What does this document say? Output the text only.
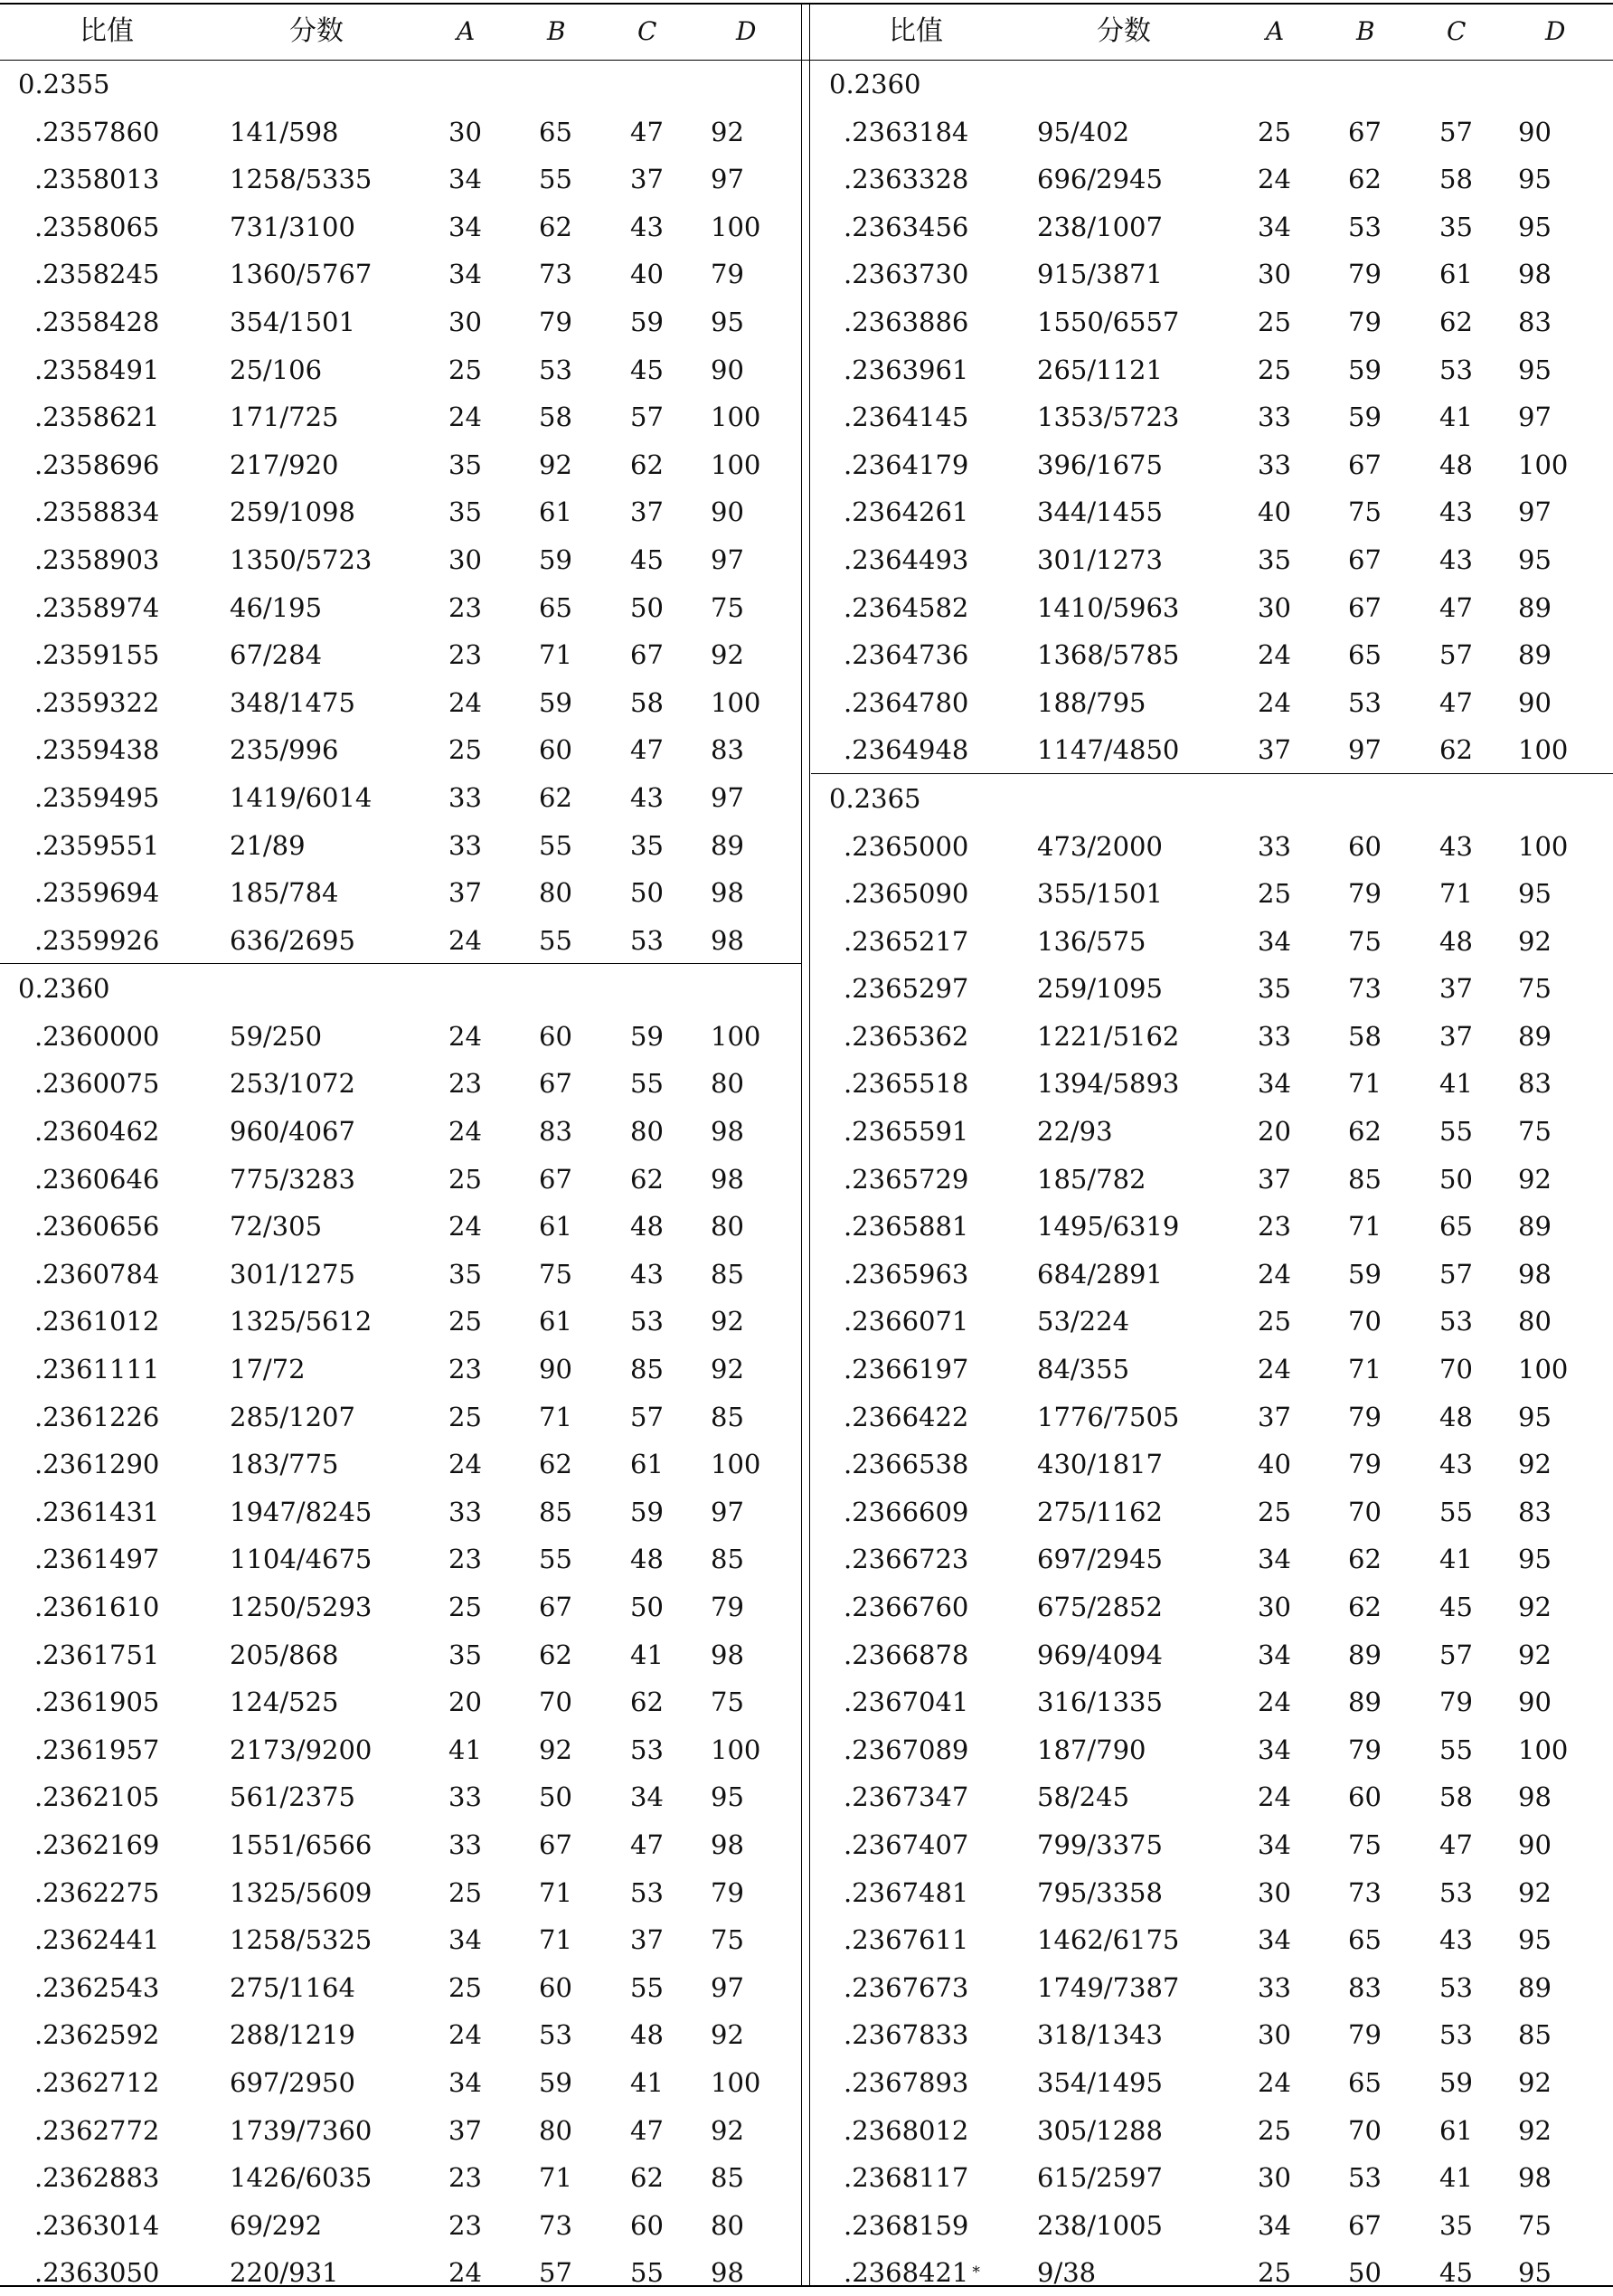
比值	分数	A	B	C	D
0.2355
.2357860	141/598	30 65 47 92
.2358013	1258/5335	34 55 37 97
.2358065	731/3100	34 62 43 100
.2358245	1360/5767	34 73 40 79
.2358428	354/1501	30 79 59 95
.2358491	25/106	25 53 45 90
.2358621	171/725	24 58 57 100
.2358696	217/920	35 92 62 100
.2358834	259/1098	35 61 37 90
.2358903	1350/5723	30 59 45 97
.2358974	46/195	23 65 50 75
.2359155	67/284	23 71 67 92
.2359322	348/1475	24 59 58 100
.2359438	235/996	25 60 47 83
.2359495	1419/6014	33 62 43 97
.2359551	21/89	33 55 35 89
.2359694	185/784	37 80 50 98
.2359926	636/2695	24 55 53 98
0.2360
.2360000	59/250	24 60 59 100
.2360075	253/1072	23 67 55 80
.2360462	960/4067	24 83 80 98
.2360646	775/3283	25 67 62 98
.2360656	72/305	24 61 48 80
.2360784	301/1275	35 75 43 85
.2361012	1325/5612	25 61 53 92
.2361111	17/72	23 90 85 92
.2361226	285/1207	25 71 57 85
.2361290	183/775	24 62 61 100
.2361431	1947/8245	33 85 59 97
.2361497	1104/4675	23 55 48 85
.2361610	1250/5293	25 67 50 79
.2361751	205/868	35 62 41 98
.2361905	124/525	20 70 62 75
.2361957	2173/9200	41 92 53 100
.2362105	561/2375	33 50 34 95
.2362169	1551/6566	33 67 47 98
.2362275	1325/5609	25 71 53 79
.2362441	1258/5325	34 71 37 75
.2362543	275/1164	25 60 55 97
.2362592	288/1219	24 53 48 92
.2362712	697/2950	34 59 41 100
.2362772	1739/7360	37 80 47 92
.2362883	1426/6035	23 71 62 85
.2363014	69/292	23 73 60 80
.2363050	220/931	24 57 55 98
比值	分数	A	B	C	D
0.2360
.2363184	95/402	25 67 57 90
.2363328	696/2945	24 62 58 95
.2363456	238/1007	34 53 35 95
.2363730	915/3871	30 79 61 98
.2363886	1550/6557	25 79 62 83
.2363961	265/1121	25 59 53 95
.2364145	1353/5723	33 59 41 97
.2364179	396/1675	33 67 48 100
.2364261	344/1455	40 75 43 97
.2364493	301/1273	35 67 43 95
.2364582	1410/5963	30 67 47 89
.2364736	1368/5785	24 65 57 89
.2364780	188/795	24 53 47 90
.2364948	1147/4850	37 97 62 100
0.2365
.2365000	473/2000	33 60 43 100
.2365090	355/1501	25 79 71 95
.2365217	136/575	34 75 48 92
.2365297	259/1095	35 73 37 75
.2365362	1221/5162	33 58 37 89
.2365518	1394/5893	34 71 41 83
.2365591	22/93	20 62 55 75
.2365729	185/782	37 85 50 92
.2365881	1495/6319	23 71 65 89
.2365963	684/2891	24 59 57 98
.2366071	53/224	25 70 53 80
.2366197	84/355	24 71 70 100
.2366422	1776/7505	37 79 48 95
.2366538	430/1817	40 79 43 92
.2366609	275/1162	25 70 55 83
.2366723	697/2945	34 62 41 95
.2366760	675/2852	30 62 45 92
.2366878	969/4094	34 89 57 92
.2367041	316/1335	24 89 79 90
.2367089	187/790	34 79 55 100
.2367347	58/245	24 60 58 98
.2367407	799/3375	34 75 47 90
.2367481	795/3358	30 73 53 92
.2367611	1462/6175	34 65 43 95
.2367673	1749/7387	33 83 53 89
.2367833	318/1343	30 79 53 85
.2367893	354/1495	24 65 59 92
.2368012	305/1288	25 70 61 92
.2368117	615/2597	30 53 41 98
.2368159	238/1005	34 67 35 75
.2368421 * 9/38	25 50 45 95
